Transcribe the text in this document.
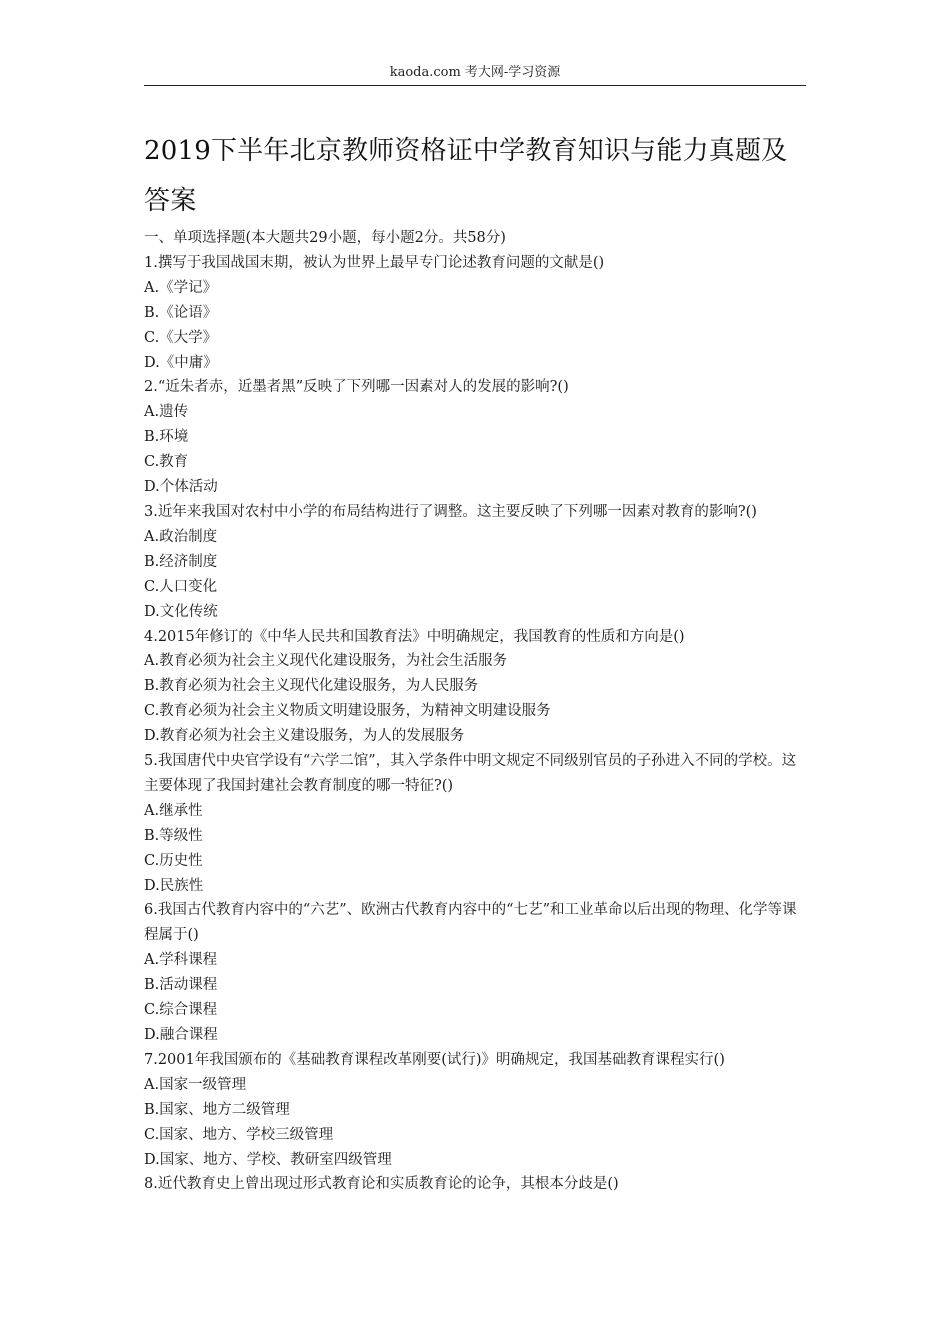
kaoda.com 考大网-学习资源
2019下半年北京教师资格证中学教育知识与能力真题及答案
一、单项选择题(本大题共29小题，每小题2分。共58分)
1.撰写于我国战国末期，被认为世界上最早专门论述教育问题的文献是()
A.《学记》
B.《论语》
C.《大学》
D.《中庸》
2.“近朱者赤，近墨者黑”反映了下列哪一因素对人的发展的影响?()
A.遗传
B.环境
C.教育
D.个体活动
3.近年来我国对农村中小学的布局结构进行了调整。这主要反映了下列哪一因素对教育的影响?()
A.政治制度
B.经济制度
C.人口变化
D.文化传统
4.2015年修订的《中华人民共和国教育法》中明确规定，我国教育的性质和方向是()
A.教育必须为社会主义现代化建设服务，为社会生活服务
B.教育必须为社会主义现代化建设服务，为人民服务
C.教育必须为社会主义物质文明建设服务，为精神文明建设服务
D.教育必须为社会主义建设服务，为人的发展服务
5.我国唐代中央官学设有“六学二馆”，其入学条件中明文规定不同级别官员的子孙进入不同的学校。这主要体现了我国封建社会教育制度的哪一特征?()
A.继承性
B.等级性
C.历史性
D.民族性
6.我国古代教育内容中的“六艺”、欧洲古代教育内容中的“七艺”和工业革命以后出现的物理、化学等课程属于()
A.学科课程
B.活动课程
C.综合课程
D.融合课程
7.2001年我国颁布的《基础教育课程改革刚要(试行)》明确规定，我国基础教育课程实行()
A.国家一级管理
B.国家、地方二级管理
C.国家、地方、学校三级管理
D.国家、地方、学校、教研室四级管理
8.近代教育史上曾出现过形式教育论和实质教育论的论争，其根本分歧是()
